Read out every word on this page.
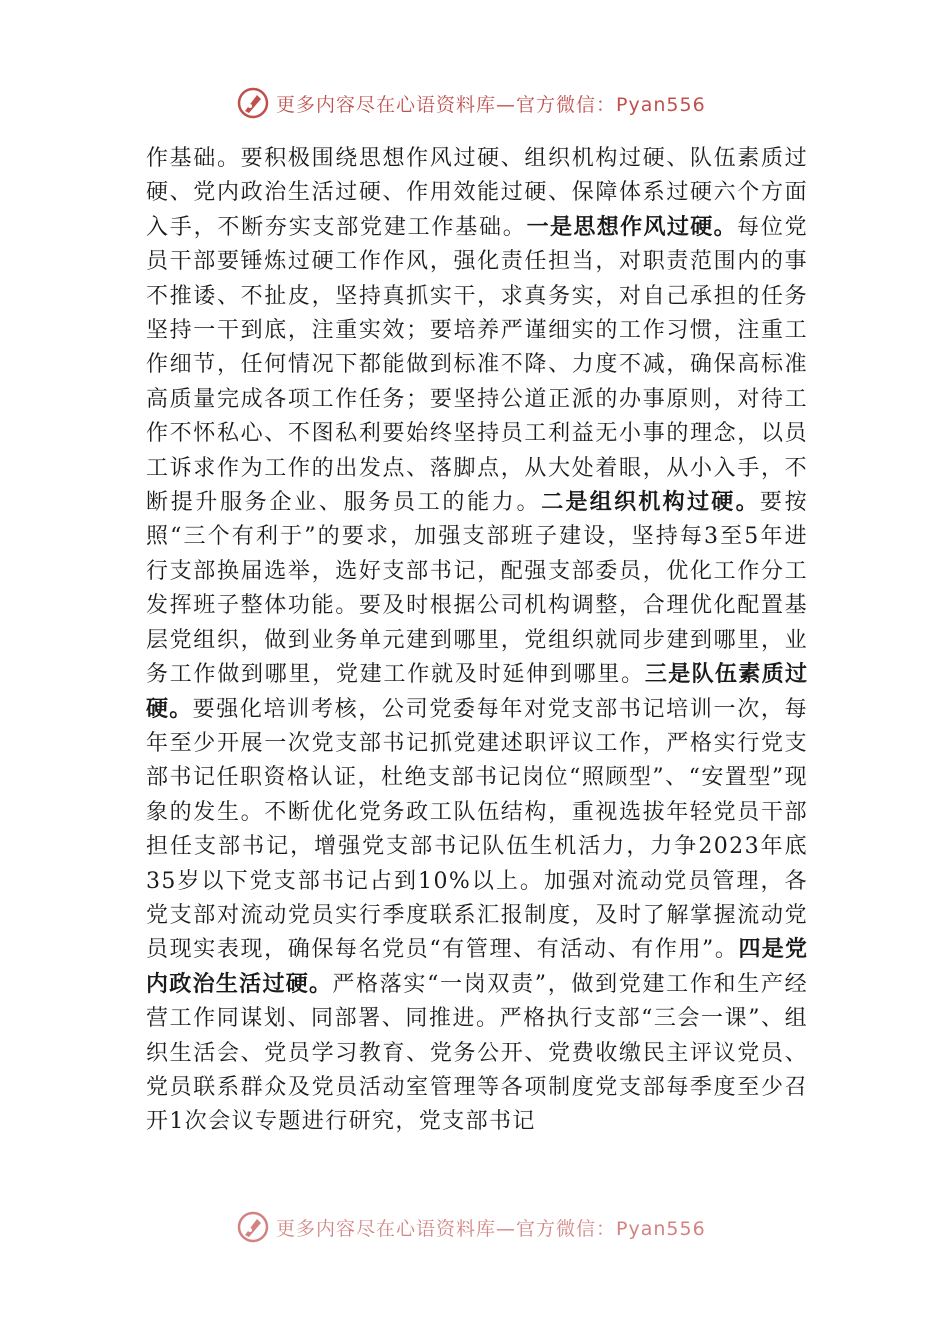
更多内容尽在心语资料库—官方微信：Pyan556

作基础。要积极围绕思想作风过硬、组织机构过硬、队伍素质过硬、党内政治生活过硬、作用效能过硬、保障体系过硬六个方面入手，不断夯实支部党建工作基础。一是思想作风过硬。每位党员干部要锤炼过硬工作作风，强化责任担当，对职责范围内的事不推诿、不扯皮，坚持真抓实干，求真务实，对自己承担的任务坚持一干到底，注重实效；要培养严谨细实的工作习惯，注重工作细节，任何情况下都能做到标准不降、力度不减，确保高标准高质量完成各项工作任务；要坚持公道正派的办事原则，对待工作不怀私心、不图私利要始终坚持员工利益无小事的理念，以员工诉求作为工作的出发点、落脚点，从大处着眼，从小入手，不断提升服务企业、服务员工的能力。二是组织机构过硬。要按照“三个有利于”的要求，加强支部班子建设，坚持每3至5年进行支部换届选举，选好支部书记，配强支部委员，优化工作分工发挥班子整体功能。要及时根据公司机构调整，合理优化配置基层党组织，做到业务单元建到哪里，党组织就同步建到哪里，业务工作做到哪里，党建工作就及时延伸到哪里。三是队伍素质过硬。要强化培训考核，公司党委每年对党支部书记培训一次，每年至少开展一次党支部书记抓党建述职评议工作，严格实行党支部书记任职资格认证，杜绝支部书记岗位“照顾型”、“安置型”现象的发生。不断优化党务政工队伍结构，重视选拔年轻党员干部担任支部书记，增强党支部书记队伍生机活力，力争2023年底35岁以下党支部书记占到10%以上。加强对流动党员管理，各党支部对流动党员实行季度联系汇报制度，及时了解掌握流动党员现实表现，确保每名党员“有管理、有活动、有作用”。四是党内政治生活过硬。严格落实“一岗双责”，做到党建工作和生产经营工作同谋划、同部署、同推进。严格执行支部“三会一课”、组织生活会、党员学习教育、党务公开、党费收缴民主评议党员、党员联系群众及党员活动室管理等各项制度党支部每季度至少召开1次会议专题进行研究，党支部书记

更多内容尽在心语资料库—官方微信：Pyan556
